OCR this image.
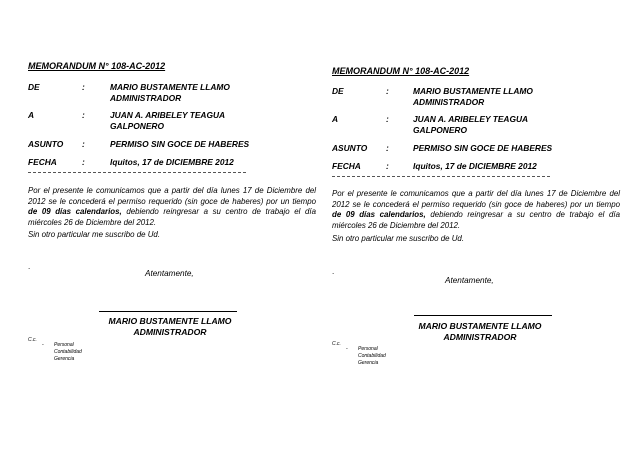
MEMORANDUM N° 108-AC-2012
DE	:	MARIO BUSTAMENTE LLAMO
ADMINISTRADOR
A	:	JUAN A. ARIBELEY TEAGUA
GALPONERO
ASUNTO :	PERMISO SIN GOCE DE HABERES
FECHA	:	Iquitos, 17 de DICIEMBRE 2012
Por el presente le comunicamos que a partir del día lunes 17 de Diciembre del 2012 se le concederá el permiso requerido (sin goce de haberes) por un tiempo de 09 días calendarios, debiendo reingresar a su centro de trabajo el día miércoles 26 de Diciembre del 2012.
Sin otro particular me suscribo de Ud.
.
Atentamente,
MARIO BUSTAMENTE LLAMO
ADMINISTRADOR
C.c.
- Personal
Contabilidad
Gerencia
MEMORANDUM N° 108-AC-2012
DE	:	MARIO BUSTAMENTE LLAMO
ADMINISTRADOR
A	:	JUAN A. ARIBELEY TEAGUA
GALPONERO
ASUNTO :	PERMISO SIN GOCE DE HABERES
FECHA	:	Iquitos, 17 de DICIEMBRE 2012
Por el presente le comunicamos que a partir del día lunes 17 de Diciembre del 2012 se le concederá el permiso requerido (sin goce de haberes) por un tiempo de 09 días calendarios, debiendo reingresar a su centro de trabajo el día miércoles 26 de Diciembre del 2012.
Sin otro particular me suscribo de Ud.
.
Atentamente,
MARIO BUSTAMENTE LLAMO
ADMINISTRADOR
C.c.
- Personal
Contabilidad
Gerencia
